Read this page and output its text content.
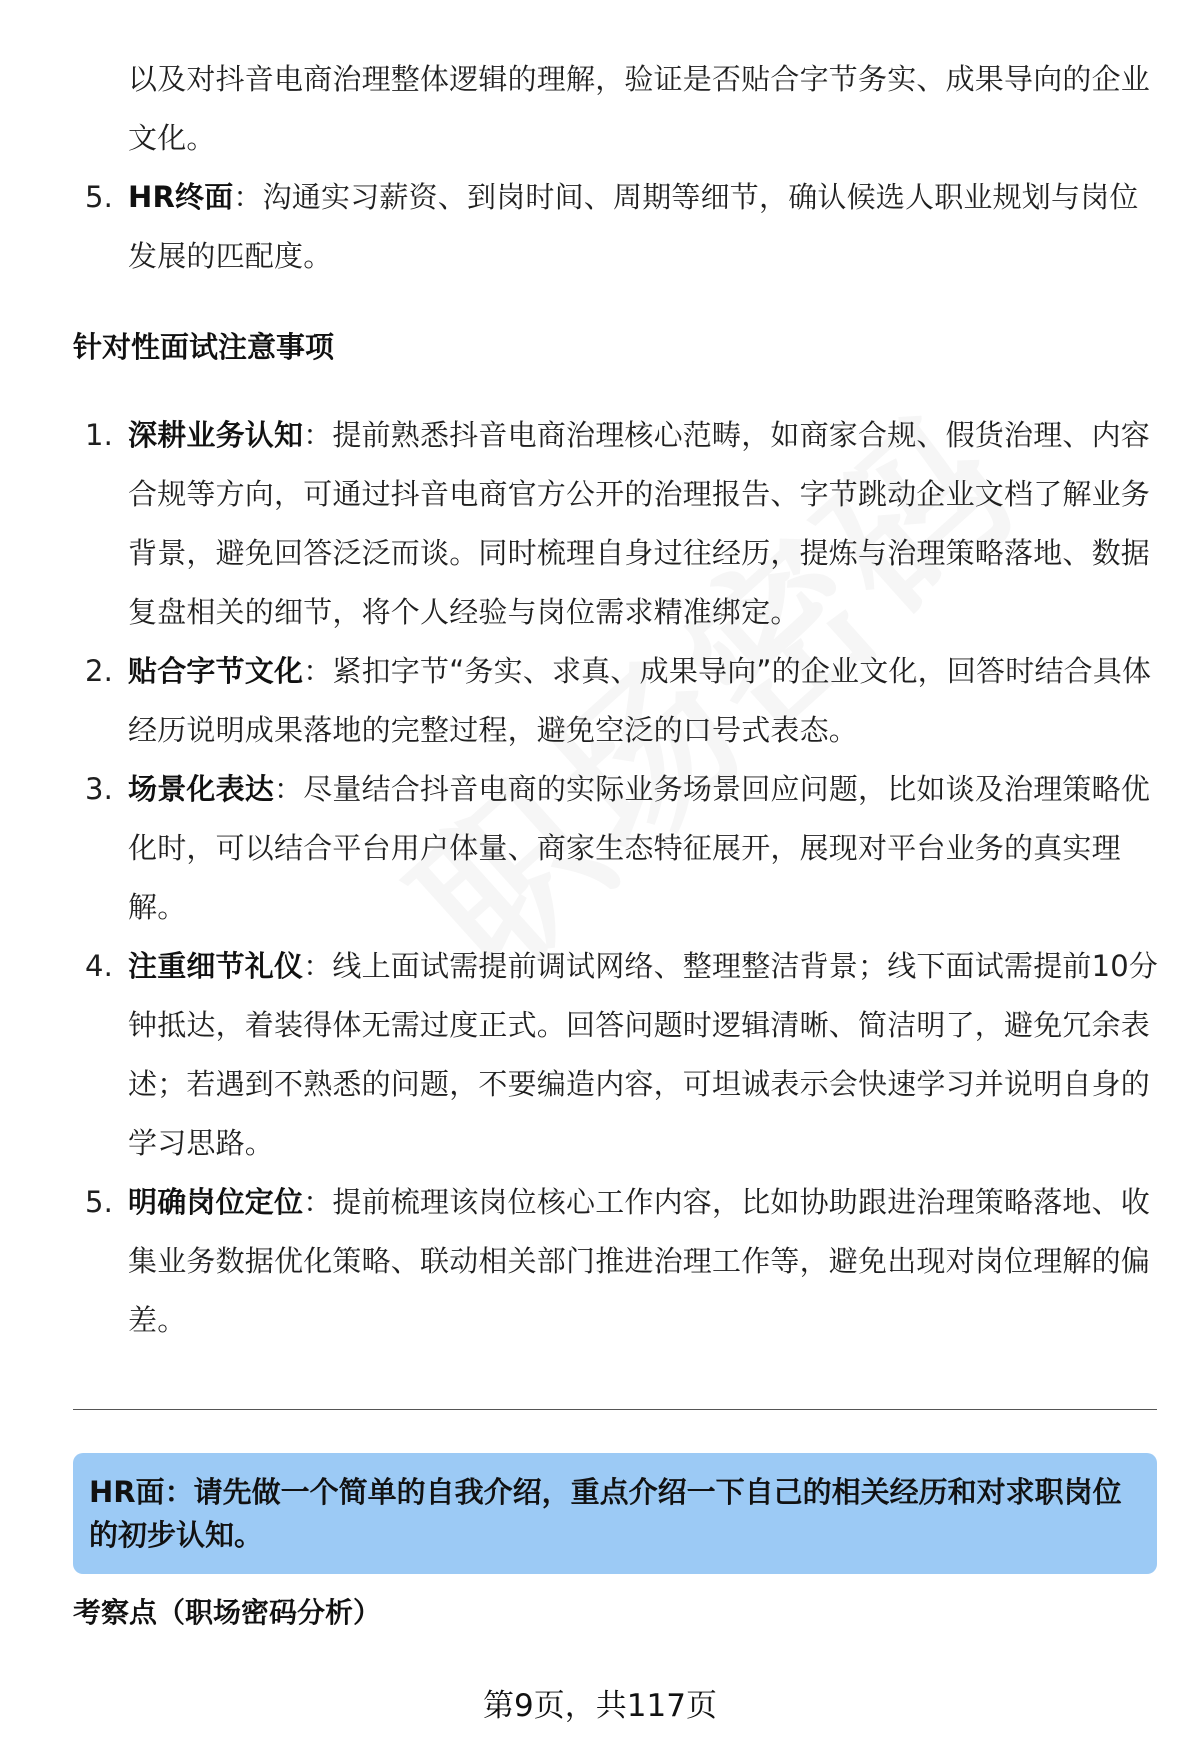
以及对抖音电商治理整体逻辑的理解，验证是否贴合字节务实、成果导向的企业文化。
5. HR终面：沟通实习薪资、到岗时间、周期等细节，确认候选人职业规划与岗位发展的匹配度。
针对性面试注意事项
1. 深耕业务认知：提前熟悉抖音电商治理核心范畴，如商家合规、假货治理、内容合规等方向，可通过抖音电商官方公开的治理报告、字节跳动企业文档了解业务背景，避免回答泛泛而谈。同时梳理自身过往经历，提炼与治理策略落地、数据复盘相关的细节，将个人经验与岗位需求精准绑定。
2. 贴合字节文化：紧扣字节“务实、求真、成果导向”的企业文化，回答时结合具体经历说明成果落地的完整过程，避免空泛的口号式表态。
3. 场景化表达：尽量结合抖音电商的实际业务场景回应问题，比如谈及治理策略优化时，可以结合平台用户体量、商家生态特征展开，展现对平台业务的真实理解。
4. 注重细节礼仪：线上面试需提前调试网络、整理整洁背景；线下面试需提前10分钟抵达，着装得体无需过度正式。回答问题时逻辑清晰、简洁明了，避免冗余表述；若遇到不熟悉的问题，不要编造内容，可坦诚表示会快速学习并说明自身的学习思路。
5. 明确岗位定位：提前梳理该岗位核心工作内容，比如协助跟进治理策略落地、收集业务数据优化策略、联动相关部门推进治理工作等，避免出现对岗位理解的偏差。
HR面：请先做一个简单的自我介绍，重点介绍一下自己的相关经历和对求职岗位的初步认知。
考察点（职场密码分析）
第9页，共117页
